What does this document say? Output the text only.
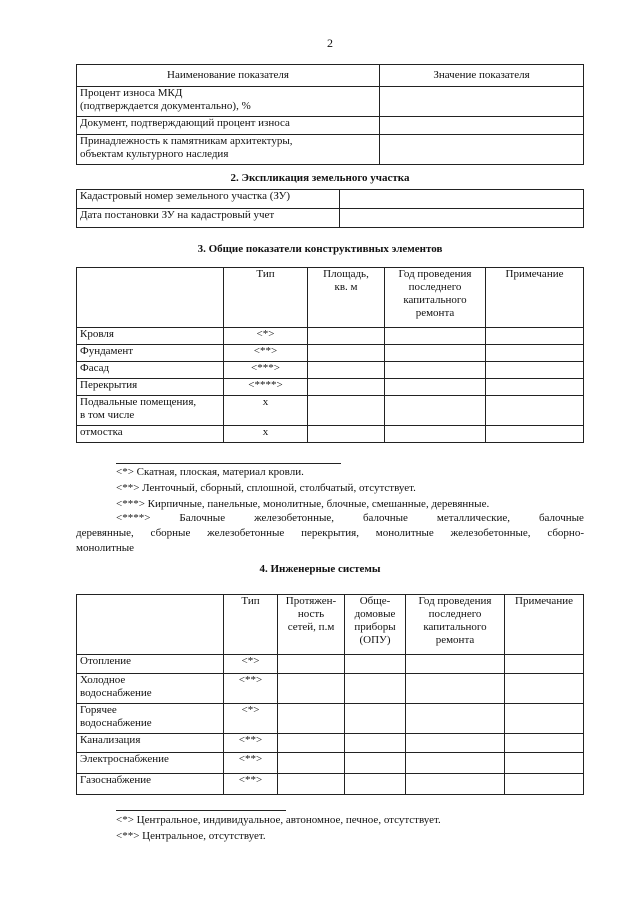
2
Наименование показателя	Значение показателя
Процент износа МКД
(подтверждается документально), %	
Документ, подтверждающий процент износа	
Принадлежность к памятникам архитектуры,
объектам культурного наследия	
2. Экспликация земельного участка
Кадастровый номер земельного участка (ЗУ)	
Дата постановки ЗУ на кадастровый учет	
3. Общие показатели конструктивных элементов
	Тип	Площадь,
кв. м	Год проведения
последнего
капитального
ремонта	Примечание
Кровля	<*>			
Фундамент	<**>			
Фасад	<***>			
Перекрытия	<****>			
Подвальные помещения,
в том числе	х			
отмостка	х			
<*> Скатная, плоская, материал кровли.
<**> Ленточный, сборный, сплошной, столбчатый, отсутствует.
<***> Кирпичные, панельные, монолитные, блочные, смешанные, деревянные.
<****>	Балочные	железобетонные,	балочные	металлические,	балочные
деревянные, сборные железобетонные перекрытия, монолитные железобетонные, сборно-
монолитные
4. Инженерные системы
	Тип	Протяжен-
ность
сетей, п.м	Обще-
домовые
приборы
(ОПУ)	Год проведения
последнего
капитального
ремонта	Примечание
Отопление	<*>				
Холодное
водоснабжение	<**>				
Горячее
водоснабжение	<*>				
Канализация	<**>				
Электроснабжение	<**>				
Газоснабжение	<**>				
<*> Центральное, индивидуальное, автономное, печное, отсутствует.
<**> Центральное, отсутствует.
